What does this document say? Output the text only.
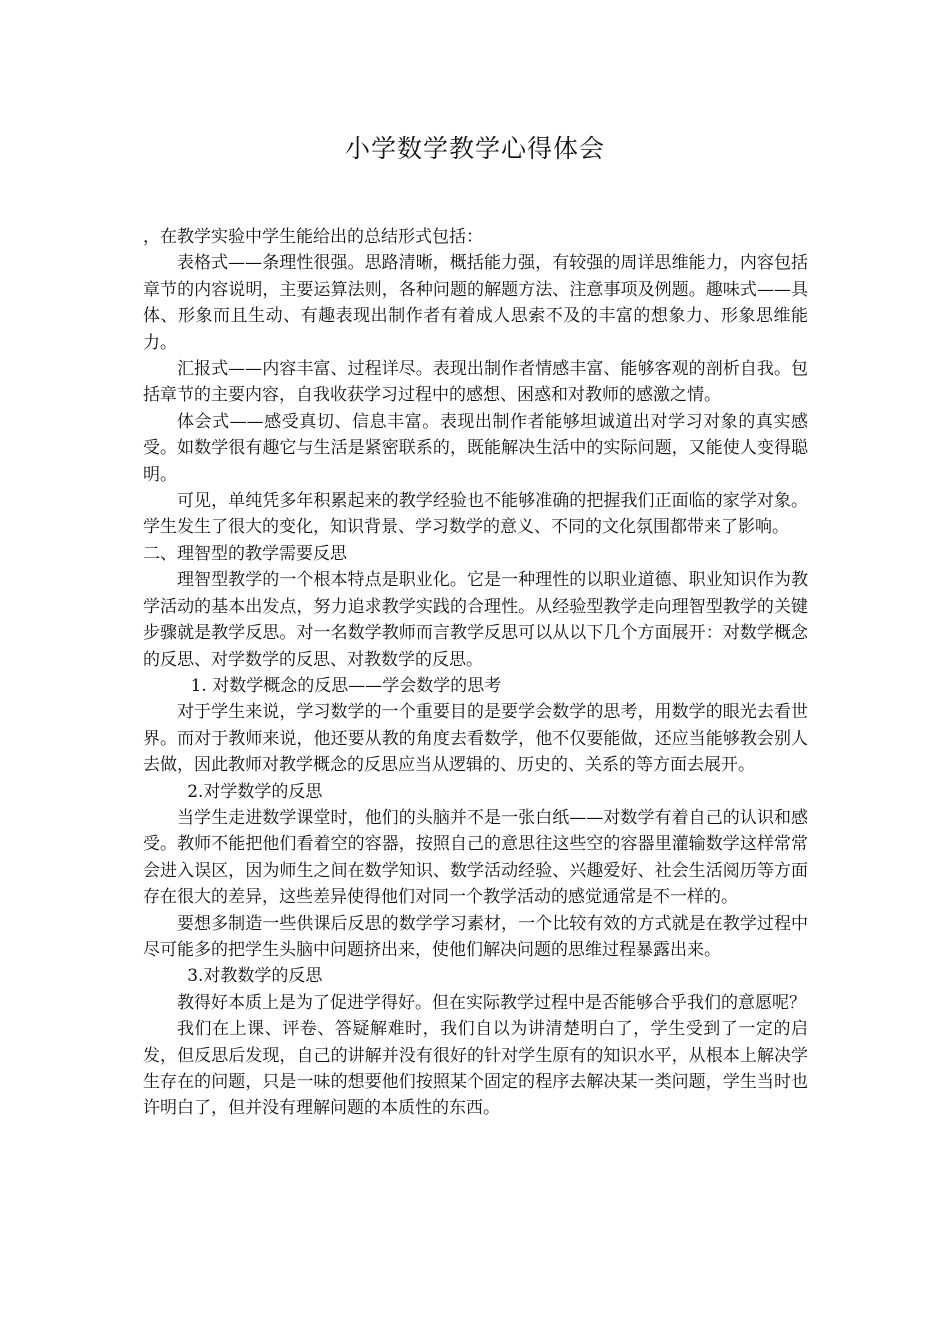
小学数学教学心得体会

，在教学实验中学生能给出的总结形式包括：

表格式——条理性很强。思路清晰，概括能力强，有较强的周详思维能力，内容包括章节的内容说明，主要运算法则，各种问题的解题方法、注意事项及例题。趣味式——具体、形象而且生动、有趣表现出制作者有着成人思索不及的丰富的想象力、形象思维能力。

汇报式——内容丰富、过程详尽。表现出制作者情感丰富、能够客观的剖析自我。包括章节的主要内容，自我收获学习过程中的感想、困惑和对教师的感激之情。

体会式——感受真切、信息丰富。表现出制作者能够坦诚道出对学习对象的真实感受。如数学很有趣它与生活是紧密联系的，既能解决生活中的实际问题，又能使人变得聪明。

可见，单纯凭多年积累起来的教学经验也不能够准确的把握我们正面临的家学对象。学生发生了很大的变化，知识背景、学习数学的意义、不同的文化氛围都带来了影响。

二、理智型的教学需要反思

理智型教学的一个根本特点是职业化。它是一种理性的以职业道德、职业知识作为教学活动的基本出发点，努力追求教学实践的合理性。从经验型教学走向理智型教学的关键步骤就是教学反思。对一名数学教师而言教学反思可以从以下几个方面展开：对数学概念的反思、对学数学的反思、对教数学的反思。

1. 对数学概念的反思——学会数学的思考

对于学生来说，学习数学的一个重要目的是要学会数学的思考，用数学的眼光去看世界。而对于教师来说，他还要从教的角度去看数学，他不仅要能做，还应当能够教会别人去做，因此教师对教学概念的反思应当从逻辑的、历史的、关系的等方面去展开。

2.对学数学的反思

当学生走进数学课堂时，他们的头脑并不是一张白纸——对数学有着自己的认识和感受。教师不能把他们看着空的容器，按照自己的意思往这些空的容器里灌输数学这样常常会进入误区，因为师生之间在数学知识、数学活动经验、兴趣爱好、社会生活阅历等方面存在很大的差异，这些差异使得他们对同一个教学活动的感觉通常是不一样的。

要想多制造一些供课后反思的数学学习素材，一个比较有效的方式就是在教学过程中尽可能多的把学生头脑中问题挤出来，使他们解决问题的思维过程暴露出来。

3.对教数学的反思

教得好本质上是为了促进学得好。但在实际教学过程中是否能够合乎我们的意愿呢？

我们在上课、评卷、答疑解难时，我们自以为讲清楚明白了，学生受到了一定的启发，但反思后发现，自己的讲解并没有很好的针对学生原有的知识水平，从根本上解决学生存在的问题，只是一味的想要他们按照某个固定的程序去解决某一类问题，学生当时也许明白了，但并没有理解问题的本质性的东西。
